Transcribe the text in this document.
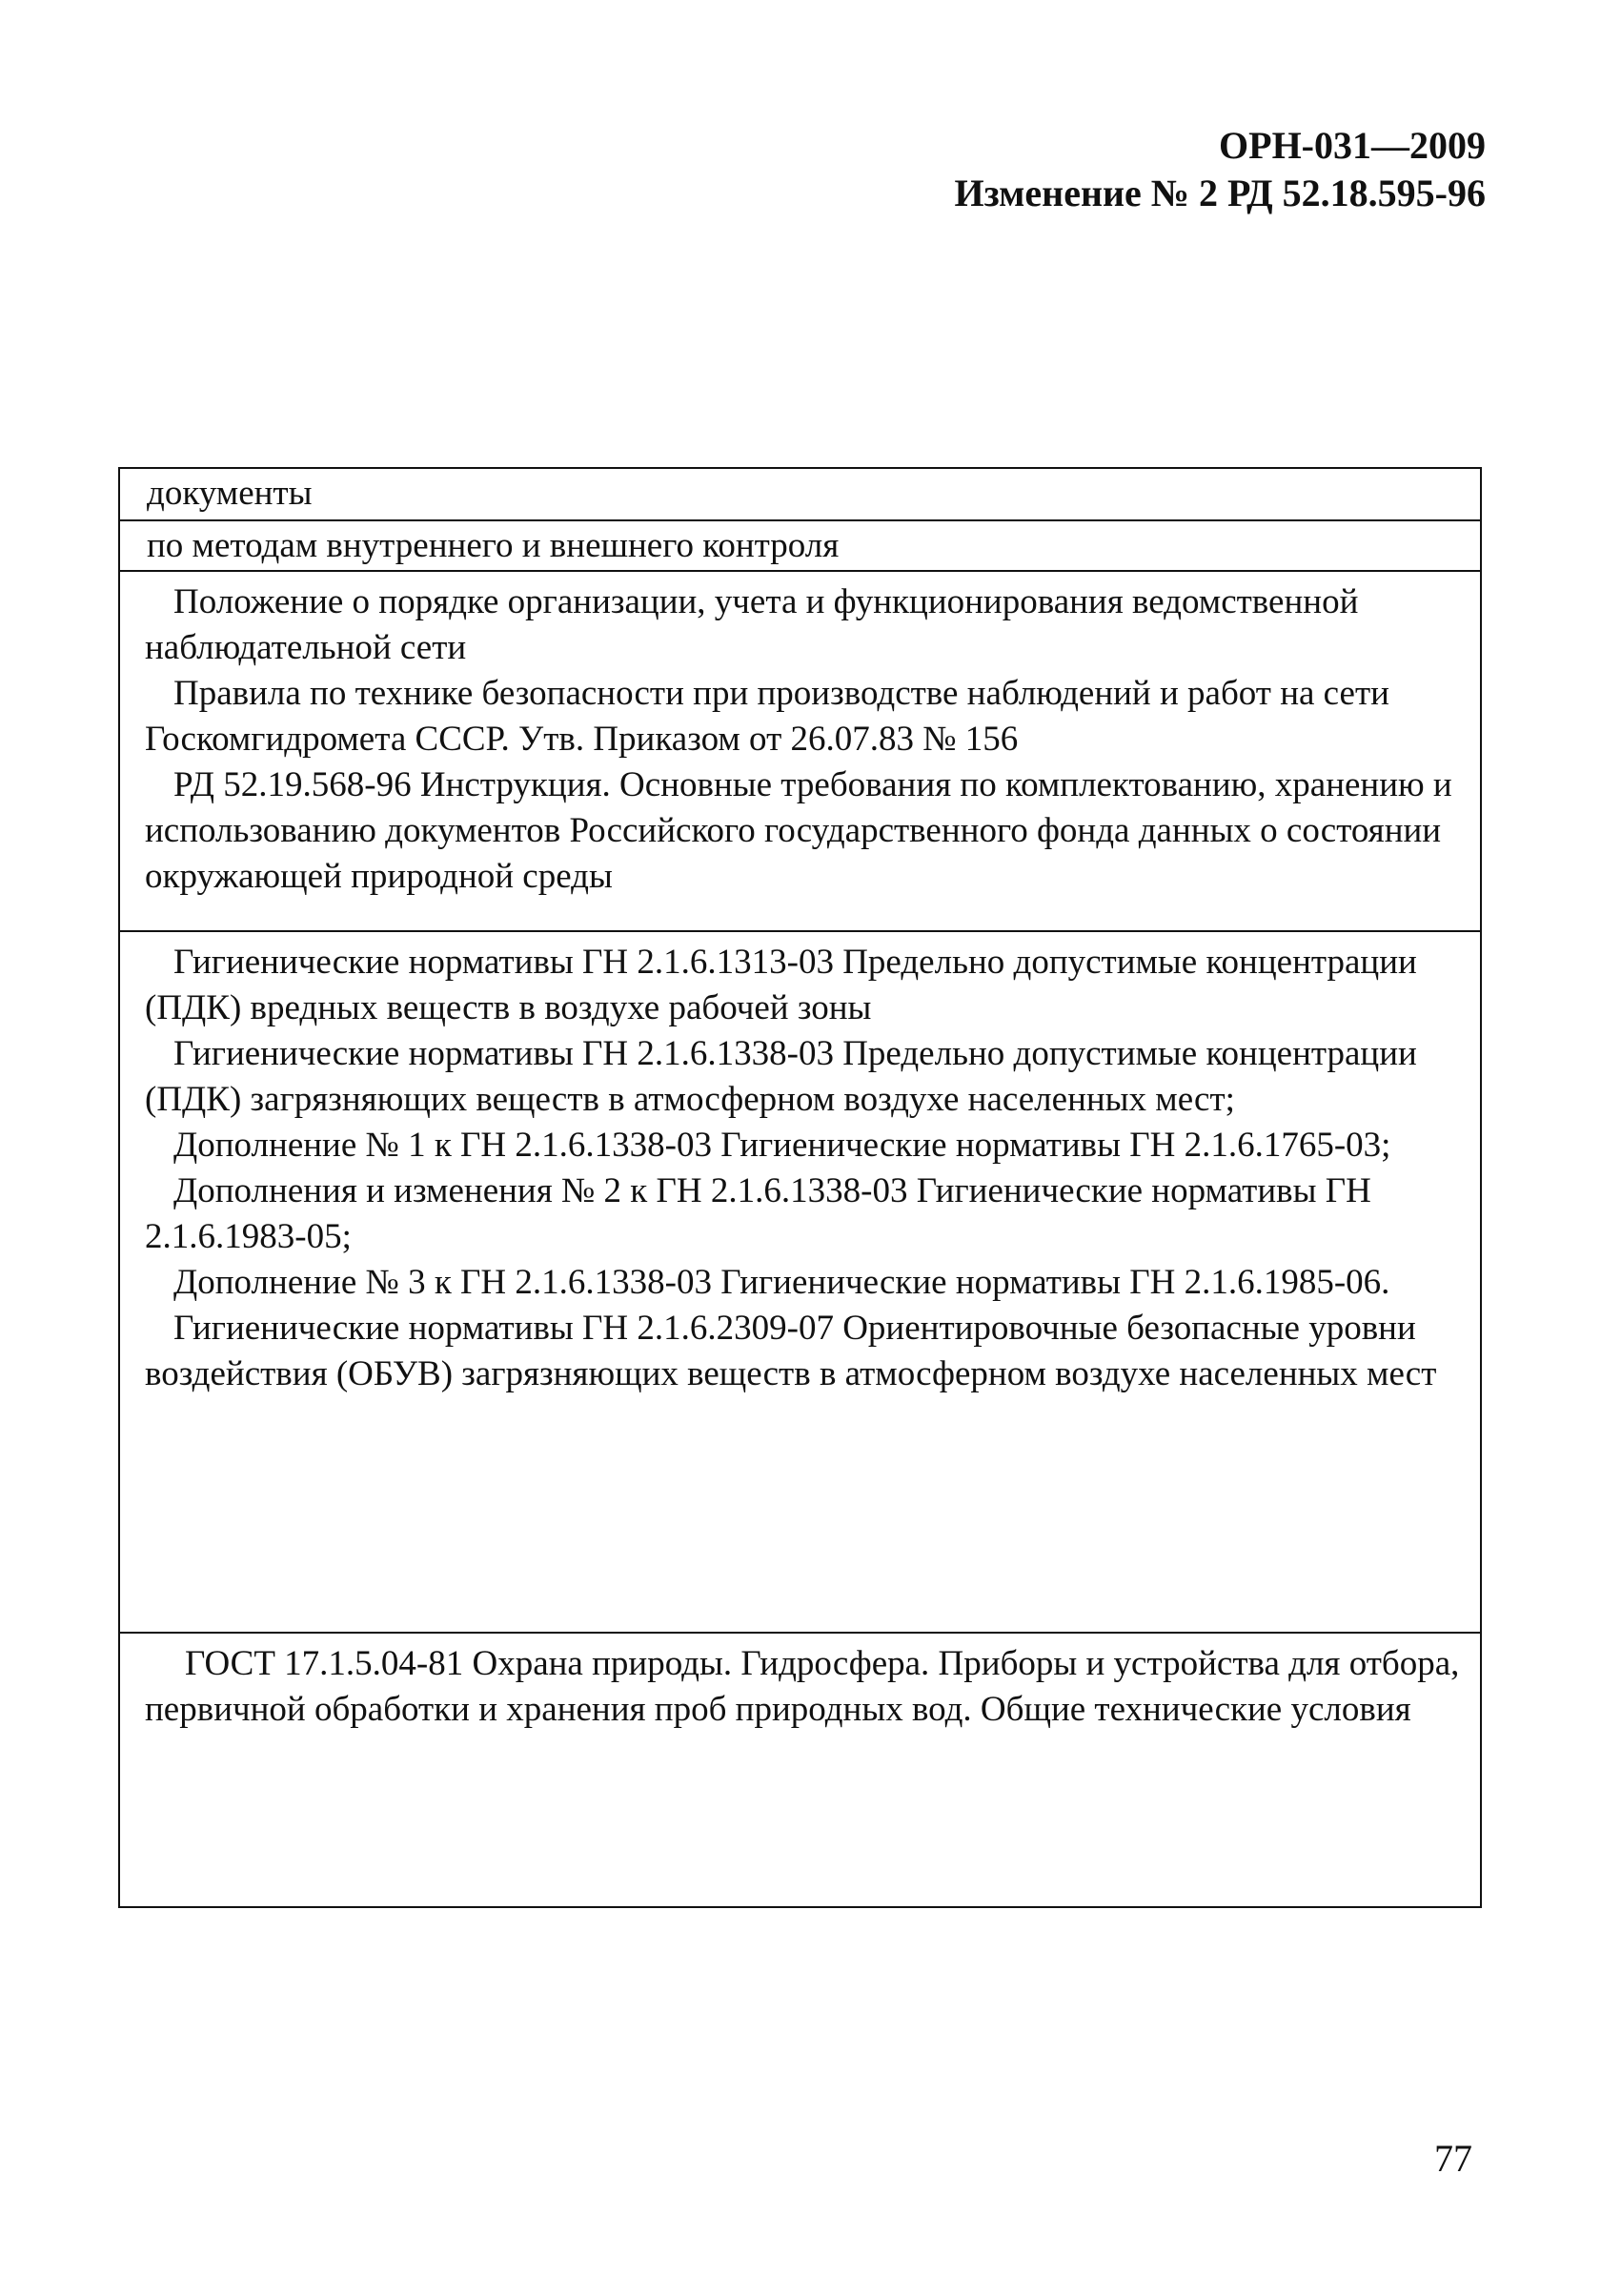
ОРН-031—2009
Изменение № 2 РД 52.18.595-96
документы
по методам внутреннего и внешнего контроля

Положение о порядке организации, учета и функционирования ведомственной наблюдательной сети

Правила по технике безопасности при производстве наблюдений и работ на сети Госкомгидромета СССР. Утв. Приказом от 26.07.83 № 156

РД 52.19.568-96 Инструкция. Основные требования по комплектованию, хранению и использованию документов Российского государственного фонда данных о состоянии окружающей природной среды

Гигиенические нормативы ГН 2.1.6.1313-03 Предельно допустимые концентрации (ПДК) вредных веществ в воздухе рабочей зоны

Гигиенические нормативы ГН 2.1.6.1338-03 Предельно допустимые концентрации (ПДК) загрязняющих веществ в атмосферном воздухе населенных мест;

Дополнение № 1 к ГН 2.1.6.1338-03 Гигиенические нормативы ГН 2.1.6.1765-03;

Дополнения и изменения № 2 к ГН 2.1.6.1338-03 Гигиенические нормативы ГН 2.1.6.1983-05;

Дополнение № 3 к ГН 2.1.6.1338-03 Гигиенические нормативы ГН 2.1.6.1985-06.

Гигиенические нормативы ГН 2.1.6.2309-07 Ориентировочные безопасные уровни воздействия (ОБУВ) загрязняющих веществ в атмосферном воздухе населенных мест

ГОСТ 17.1.5.04-81 Охрана природы. Гидросфера. Приборы и устройства для отбора, первичной обработки и хранения проб природных вод. Общие технические условия

77
